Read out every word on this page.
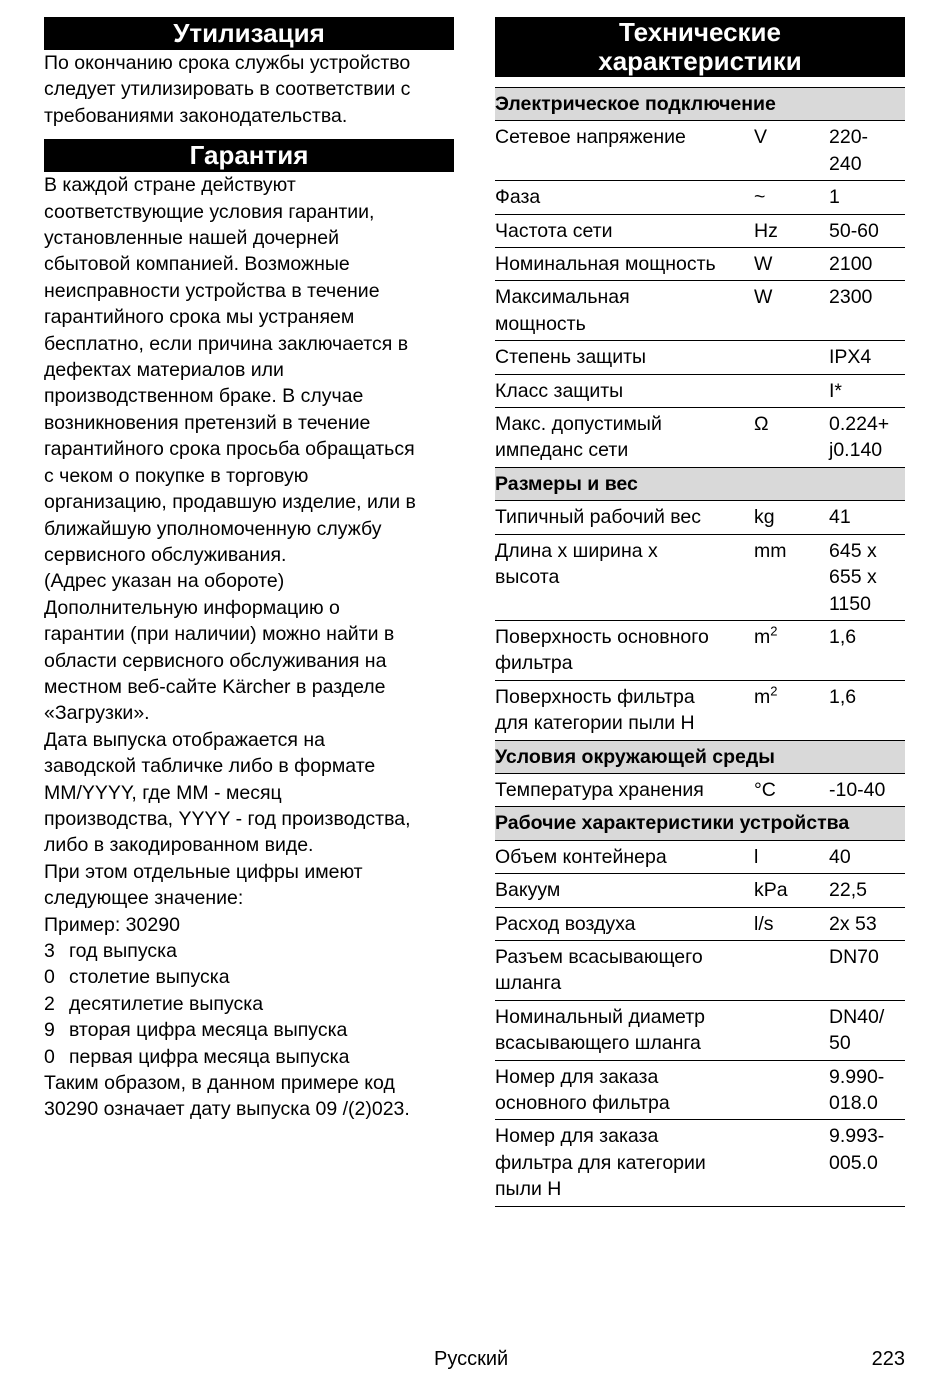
Утилизация

По окончанию срока службы устройство
следует утилизировать в соответствии с
требованиями законодательства.

Гарантия

В каждой стране действуют
соответствующие условия гарантии,
установленные нашей дочерней
сбытовой компанией. Возможные
неисправности устройства в течение
гарантийного срока мы устраняем
бесплатно, если причина заключается в
дефектах материалов или
производственном браке. В случае
возникновения претензий в течение
гарантийного срока просьба обращаться
с чеком о покупке в торговую
организацию, продавшую изделие, или в
ближайшую уполномоченную службу
сервисного обслуживания.
(Адрес указан на обороте)
Дополнительную информацию о
гарантии (при наличии) можно найти в
области сервисного обслуживания на
местном веб-сайте Kärcher в разделе
«Загрузки».
Дата выпуска отображается на
заводской табличке либо в формате
MM/YYYY, где MM - месяц
производства, YYYY - год производства,
либо в закодированном виде.
При этом отдельные цифры имеют
следующее значение:
Пример: 30290

3 год выпуска
0 столетие выпуска
2 десятилетие выпуска
9 вторая цифра месяца выпуска
0 первая цифра месяца выпуска

Таким образом, в данном примере код
30290 означает дату выпуска 09 /(2)023.

Технические
характеристики
Электрическое подключение		
Сетевое напряжение	V	220-
240
Фаза	~	1
Частота сети	Hz	50-60
Номинальная мощность	W	2100
Максимальная
мощность	W	2300
Степень защиты		IPX4
Класс защиты		I*
Макс. допустимый
импеданс сети	Ω	0.224+
j0.140
Размеры и вес		
Типичный рабочий вес	kg	41
Длина x ширина x
высота	mm	645 x
655 x
1150
Поверхность основного
фильтра	$m^2$	1,6
Поверхность фильтра
для категории пыли H	$m^2$	1,6
Условия окружающей среды		
Температура хранения	°C	-10-40
Рабочие характеристики устройства		
Объем контейнера	l	40
Вакуум	kPa	22,5
Расход воздуха	l/s	2x 53
Разъем всасывающего
шланга		DN70
Номинальный диаметр
всасывающего шланга		DN40/
50
Номер для заказа
основного фильтра		9.990-
018.0
Номер для заказа
фильтра для категории
пыли H		9.993-
005.0
Русский	223
